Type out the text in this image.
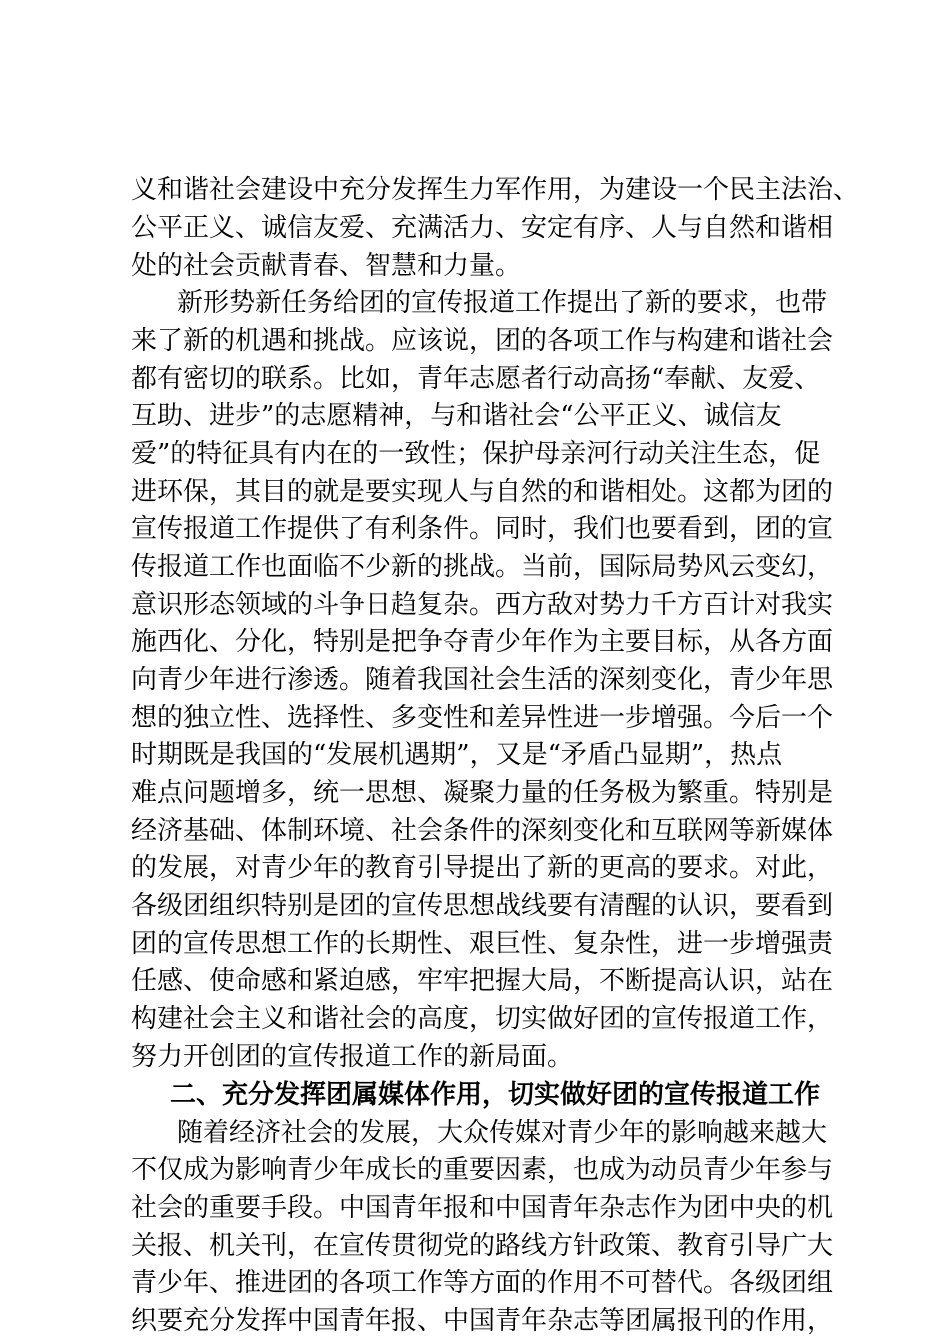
义和谐社会建设中充分发挥生力军作用，为建设一个民主法治、
公平正义、诚信友爱、充满活力、安定有序、人与自然和谐相
处的社会贡献青春、智慧和力量。
新形势新任务给团的宣传报道工作提出了新的要求，也带
来了新的机遇和挑战。应该说，团的各项工作与构建和谐社会
都有密切的联系。比如，青年志愿者行动高扬“奉献、友爱、
互助、进步”的志愿精神，与和谐社会“公平正义、诚信友
爱”的特征具有内在的一致性；保护母亲河行动关注生态，促
进环保，其目的就是要实现人与自然的和谐相处。这都为团的
宣传报道工作提供了有利条件。同时，我们也要看到，团的宣
传报道工作也面临不少新的挑战。当前，国际局势风云变幻，
意识形态领域的斗争日趋复杂。西方敌对势力千方百计对我实
施西化、分化，特别是把争夺青少年作为主要目标，从各方面
向青少年进行渗透。随着我国社会生活的深刻变化，青少年思
想的独立性、选择性、多变性和差异性进一步增强。今后一个
时期既是我国的“发展机遇期”，又是“矛盾凸显期”，热点
难点问题增多，统一思想、凝聚力量的任务极为繁重。特别是
经济基础、体制环境、社会条件的深刻变化和互联网等新媒体
的发展，对青少年的教育引导提出了新的更高的要求。对此，
各级团组织特别是团的宣传思想战线要有清醒的认识，要看到
团的宣传思想工作的长期性、艰巨性、复杂性，进一步增强责
任感、使命感和紧迫感，牢牢把握大局，不断提高认识，站在
构建社会主义和谐社会的高度，切实做好团的宣传报道工作，
努力开创团的宣传报道工作的新局面。
二、充分发挥团属媒体作用，切实做好团的宣传报道工作
随着经济社会的发展，大众传媒对青少年的影响越来越大
不仅成为影响青少年成长的重要因素，也成为动员青少年参与
社会的重要手段。中国青年报和中国青年杂志作为团中央的机
关报、机关刊，在宣传贯彻党的路线方针政策、教育引导广大
青少年、推进团的各项工作等方面的作用不可替代。各级团组
织要充分发挥中国青年报、中国青年杂志等团属报刊的作用，
